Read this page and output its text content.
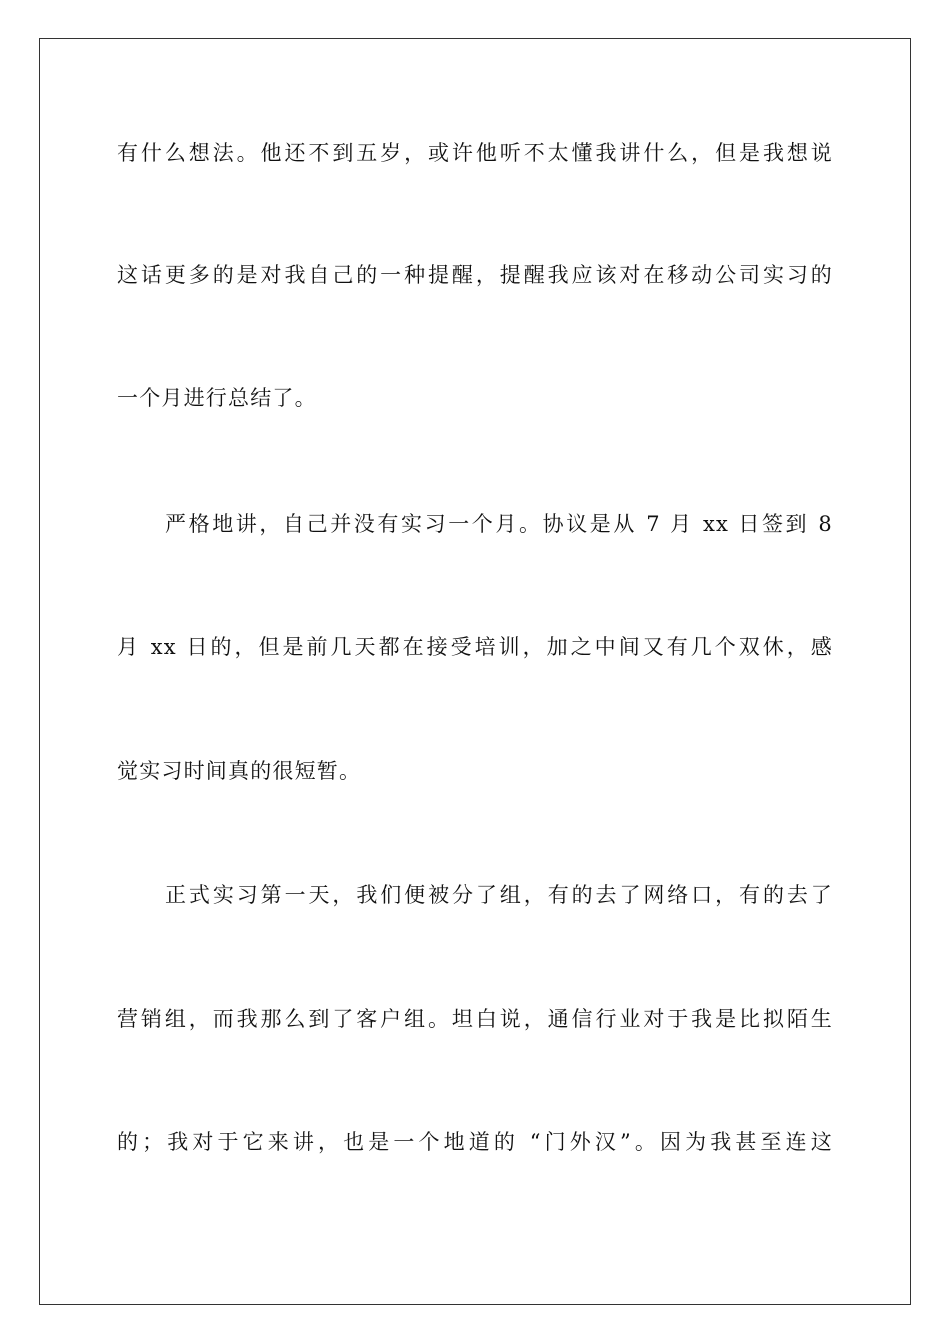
有什么想法。他还不到五岁，或许他听不太懂我讲什么，但是我想说
这话更多的是对我自己的一种提醒，提醒我应该对在移动公司实习的
一个月进行总结了。
严格地讲，自己并没有实习一个月。协议是从 7 月 xx 日签到 8
月 xx 日的，但是前几天都在接受培训，加之中间又有几个双休，感
觉实习时间真的很短暂。
正式实习第一天，我们便被分了组，有的去了网络口，有的去了
营销组，而我那么到了客户组。坦白说，通信行业对于我是比拟陌生
的；我对于它来讲，也是一个地道的 “门外汉”。因为我甚至连这
